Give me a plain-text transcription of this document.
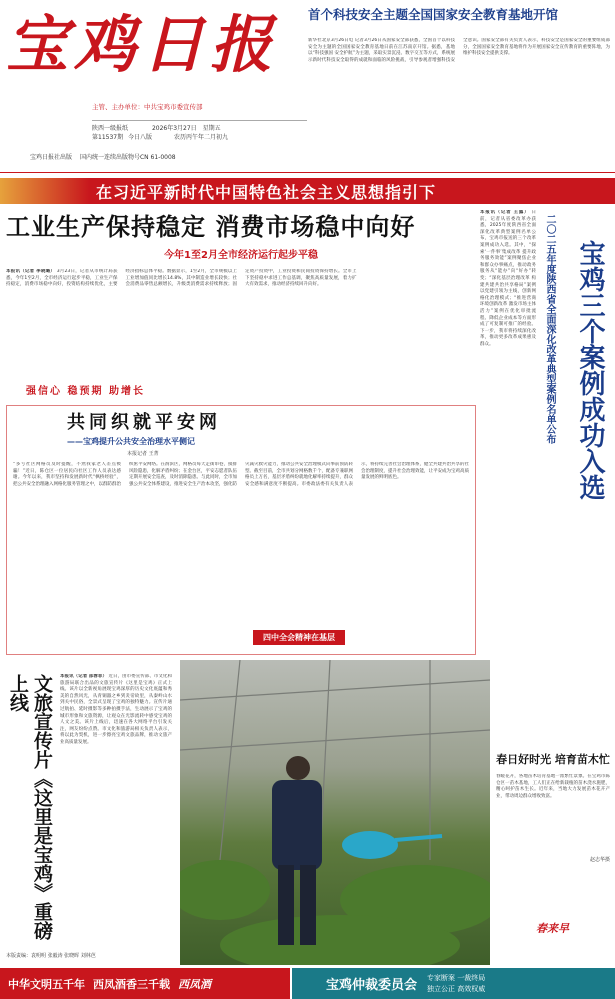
宝鸡日报
主管、主办单位：中共宝鸡市委宣传部
陕西一级报纸	2026年3月27日 星期五
第11537期 今日八版	农历丙午年二月初九
宝鸡日报社出版 国内统一连续出版物号CN 61-0008
首个科技安全主题全国国家安全教育基地开馆
新华社北京3月26日电 记者3月26日从国家安全部获悉，全国首个以科技安全为主题的全国国家安全教育基地日前在江苏南京开馆。据悉，基地以“科技强国 安全护航”为主题，采取实景沉浸、数字交互等方式，系统展示新时代科技安全取得的成就和面临的风险挑战，引导参观者增强科技安全意识。国家安全部有关负责人表示，科技安全是国家安全的重要组成部分，全国国家安全教育基地将作为开展国家安全宣传教育的重要阵地，为维护科技安全提供支撑。
在习近平新时代中国特色社会主义思想指引下
工业生产保持稳定 消费市场稳中向好
今年1至2月全市经济运行起步平稳
本报讯（记者 李晓璐） 3月23日，记者从市统计局获悉，今年1至2月，全市经济运行起步平稳，工业生产保持稳定，消费市场稳中向好，投资结构持续优化，主要经济指标总体平稳。数据显示，1至2月，全市规模以上工业增加值同比增长14.8%，其中制造业增长较快；社会消费品零售总额增长，升级类消费需求持续释放；固定资产投资中，工业投资和民间投资保持增长。全市上下坚持稳中求进工作总基调，聚焦高质量发展，着力扩大有效需求，推动经济持续回升向好。
强信心 稳预期 助增长
本报讯（记者 王露） 日前，记者从省委改革办获悉，2025年度陕西省全面深化改革典型案例名单公布，宝鸡市报送的三个改革案例成功入选。其中，“探索‘一件事’集成改革 提升政务服务效能”案例聚焦企业和群众办事痛点，推动政务服务从“能办”向“好办”转变；“深化基层治理改革 构建共建共治共享格局”案例以党建引领为主线，创新网格化治理模式；“推进营商环境创新改革 激发市场主体活力”案例在优化审批流程、降低企业成本等方面形成了可复制可推广的经验。下一步，我市将持续深化改革，推动更多改革成果惠及群众。	宝鸡三个案例成功入选
二〇二五年度陕西省全面深化改革典型案例名单公布
共同织就平安网
——宝鸡提升公共安全治理水平侧记
本报记者 王菁
“多亏社区网格员及时提醒，不然我家老人差点被骗！”近日，陈仓区一位居民向社区工作人员表达感谢。今年以来，我市坚持和发展新时代“枫桥经验”，把公共安全治理融入网格化服务管理之中，以群防群治织密平安网络。在渭滨区，网格员每天走街串巷，摸排风险隐患，化解矛盾纠纷；在金台区，平安志愿者队伍定期开展安全巡查，及时消除隐患。与此同时，全市加强公共安全体系建设，推进安全生产治本攻坚，强化防灾减灾救灾能力，推动公共安全治理模式向事前预防转型。截至目前，全市共划分网格数千个，配备专兼职网格员上万名，基层矛盾纠纷就地化解率持续提升，群众安全感和满意度不断提高。市委政法委有关负责人表示，将持续完善社会治理体系，健全共建共治共享的社会治理制度，提升社会治理效能，让平安成为宝鸡高质量发展的鲜明底色。
四中全会精神在基层
文旅宣传片《这里是宝鸡》重磅上线	本报讯（记者 邵蓉菲） 近日，由市委宣传部、市文化和旅游局联合出品的文旅宣传片《这里是宝鸡》正式上线。该片以全新视角展现宝鸡深厚的历史文化底蕴和秀美的自然风光，从青铜器之乡到炎帝故里，从秦岭山水到关中民俗，全景式呈现了宝鸡的独特魅力。宣传片通过航拍、延时摄影等多种拍摄手法，生动展示了宝鸡的城市形象和文旅资源，让观众在光影流转中感受宝鸡的人文之美。该片上线后，迅速在各大网络平台引发关注，网友纷纷点赞。市文化和旅游局相关负责人表示，将以此为契机，进一步擦亮宝鸡文旅品牌，推动文旅产业高质量发展。
本版责编：袁明明 张毅涛 张晓晖 刘林芭
春日好时光 培育苗木忙
春暖花开，各地苗木培育基地一派繁忙景象。在宝鸡市陈仓区一苗木基地，工人们正在给新栽植的苗木浇水施肥，精心呵护苗木生长。近年来，当地大力发展苗木花卉产业，带动周边群众增收致富。
赵志华摄
春来早
中华文明五千年 西凤酒香三千载 西凤酒	宝鸡仲裁委员会
专家断案 一裁终局
独立公正 高效权威
